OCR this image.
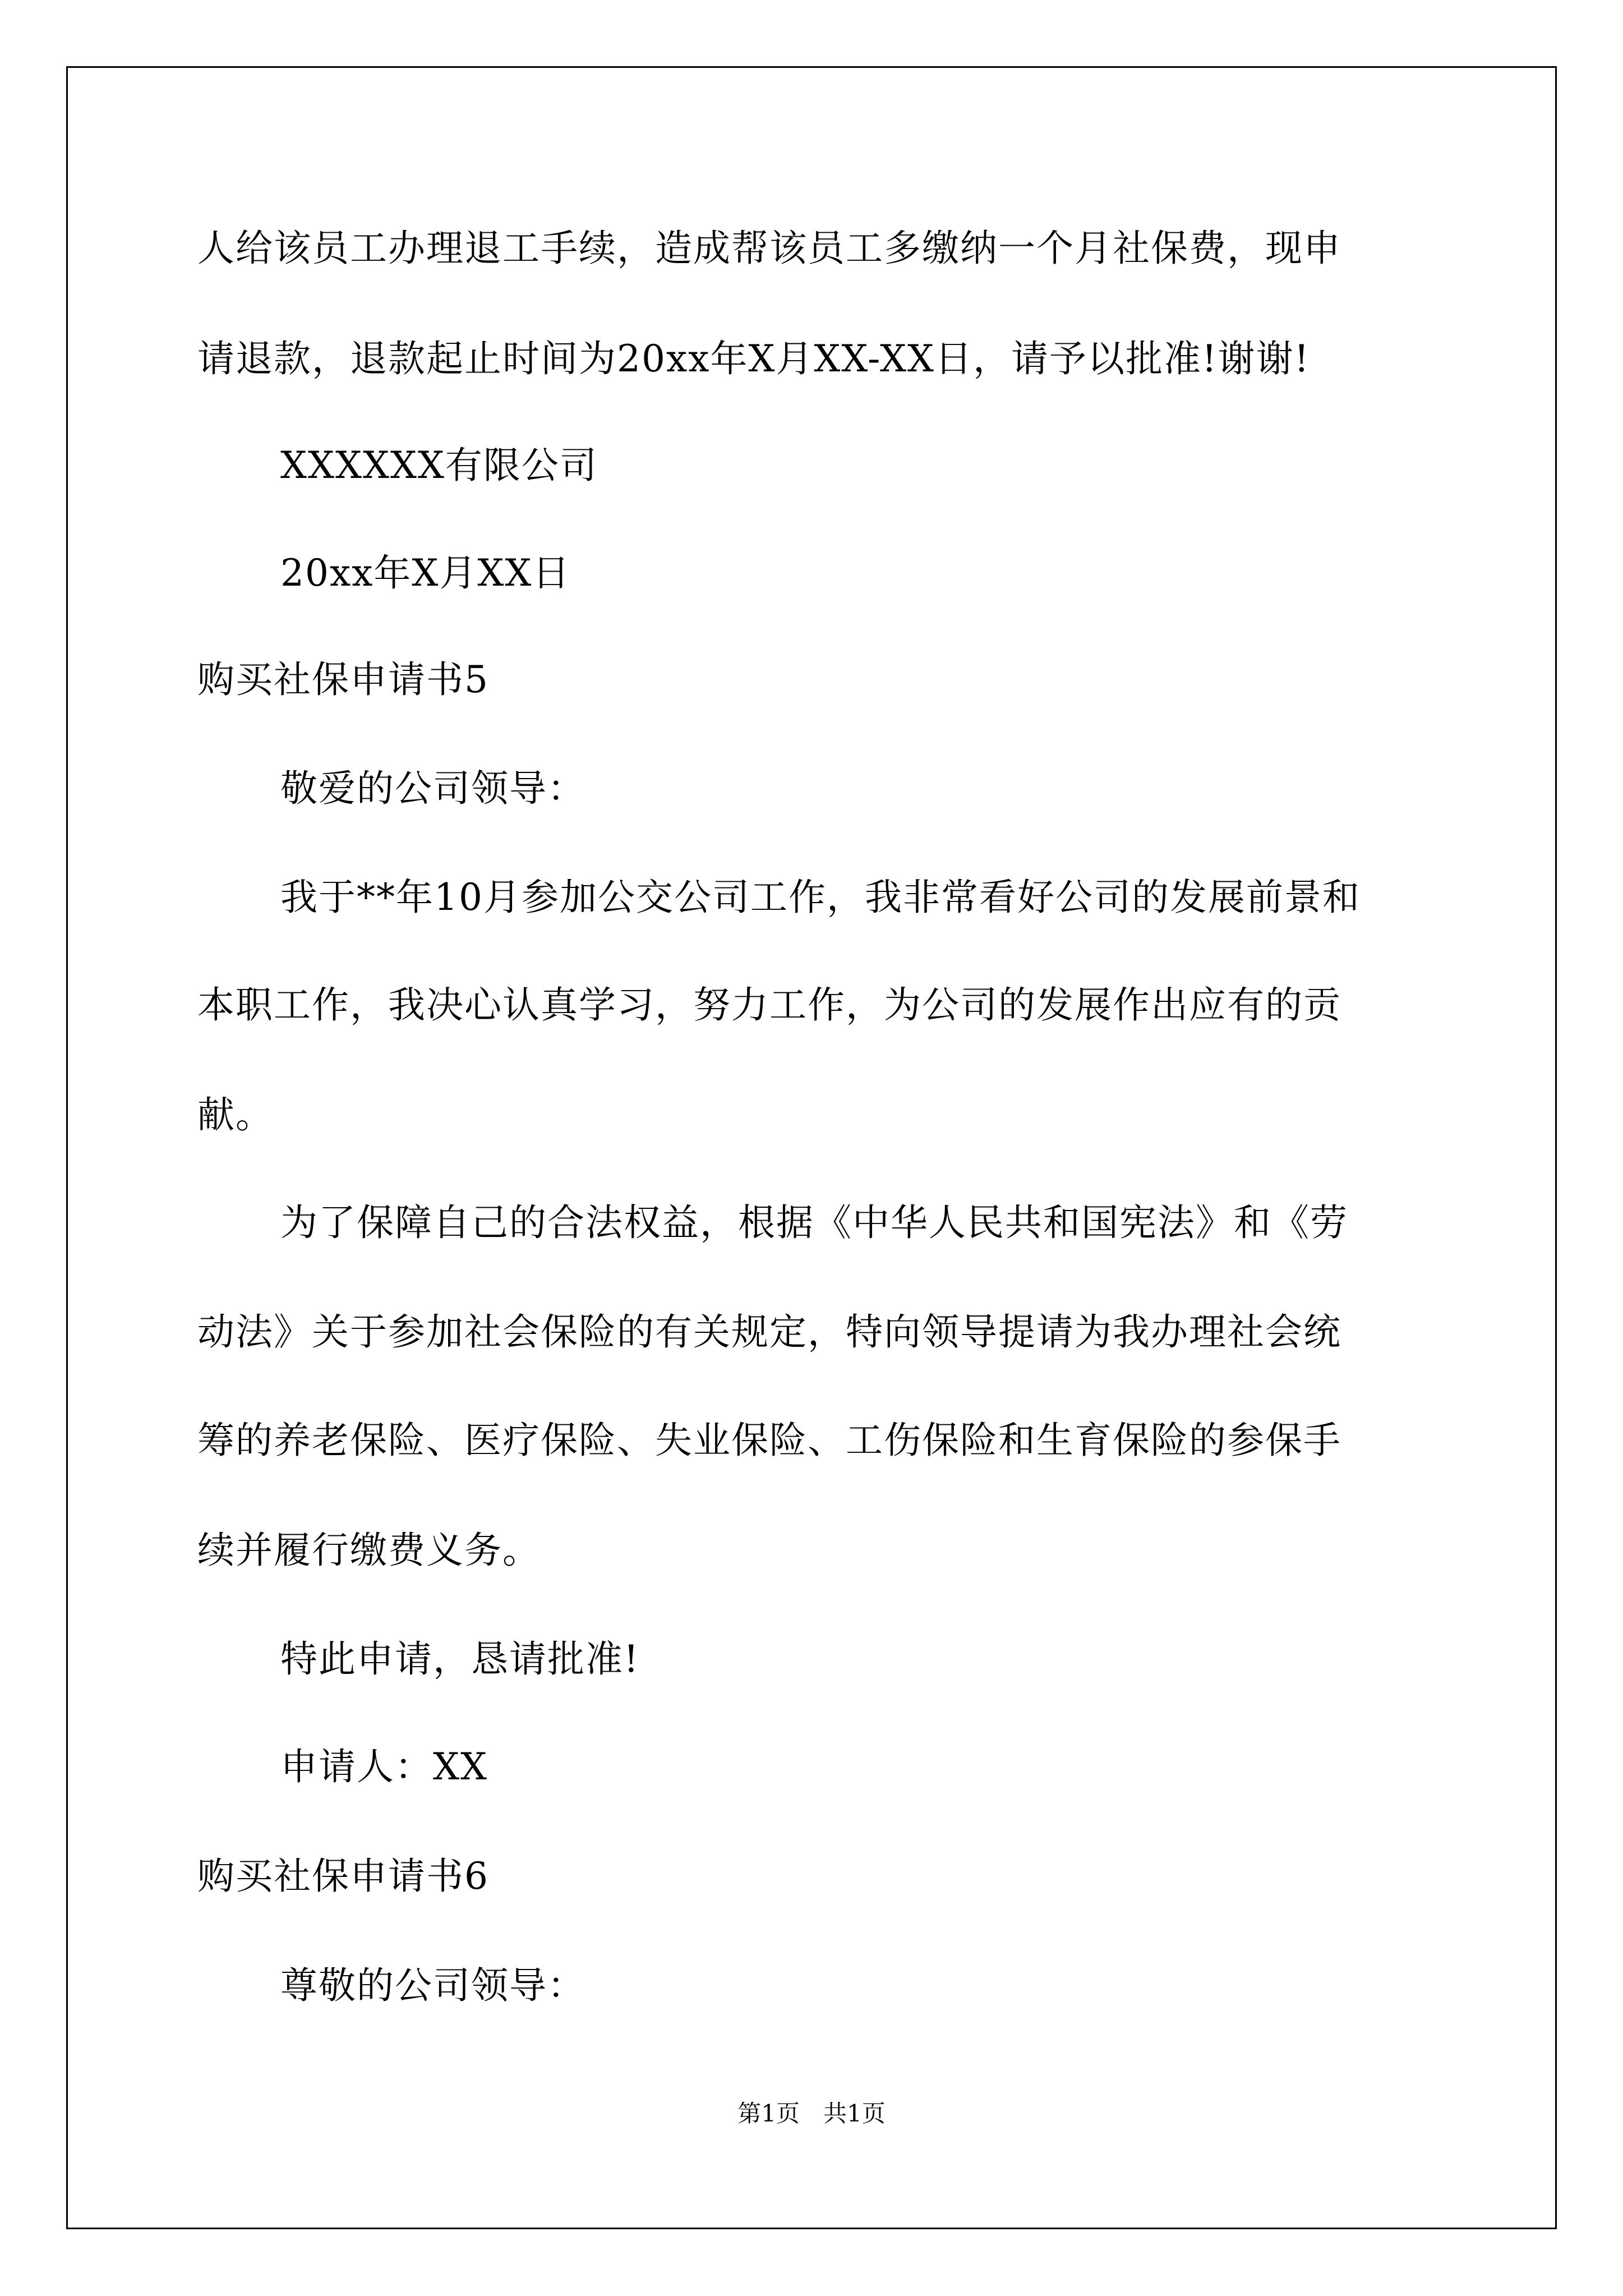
人给该员工办理退工手续，造成帮该员工多缴纳一个月社保费，现申
请退款，退款起止时间为20xx年X月XX-XX日，请予以批准!谢谢!
XXXXXX有限公司
20xx年X月XX日
购买社保申请书5
敬爱的公司领导：
我于**年10月参加公交公司工作，我非常看好公司的发展前景和
本职工作，我决心认真学习，努力工作，为公司的发展作出应有的贡
献。
为了保障自己的合法权益，根据《中华人民共和国宪法》和《劳
动法》关于参加社会保险的有关规定，特向领导提请为我办理社会统
筹的养老保险、医疗保险、失业保险、工伤保险和生育保险的参保手
续并履行缴费义务。
特此申请，恳请批准!
申请人：XX
购买社保申请书6
尊敬的公司领导：
第1页　共1页
